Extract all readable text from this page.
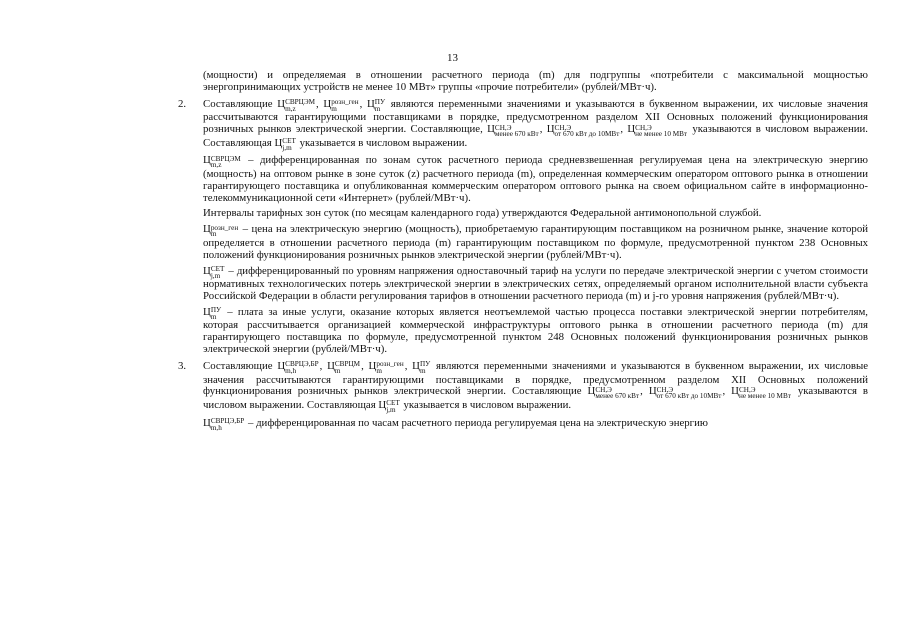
13

(мощности) и определяемая в отношении расчетного периода (m) для подгруппы «потребители с максимальной мощностью энергопринимающих устройств не менее 10 МВт» группы «прочие потребители» (рублей/МВт·ч).

2. Составляющие Ц СВРЦЭМ
m,z	, Ц розн_ген
m	, Ц ПУ
m являются переменными значениями и указываются в буквенном выражении, их числовые значения рассчитываются гарантирующими поставщиками в порядке, предусмотренном разделом XII Основных положений функционирования розничных рынков электрической энергии. Составляющие, Ц СН,Э
менее 670 кВт , Ц СН,Э
от 670 кВт до 10МВт , Ц СН,Э
не менее 10 МВт указываются в числовом выражении. Составляющая Ц СЕТ
j,m указывается в числовом выражении.

Ц СВРЦЭМ
m,z	– дифференцированная по зонам суток расчетного периода средневзвешенная регулируемая цена на электрическую энергию (мощность) на оптовом рынке в зоне суток (z) расчетного периода (m), определенная коммерческим оператором оптового рынка в отношении гарантирующего поставщика и опубликованная коммерческим оператором оптового рынка на своем официальном сайте в информационно-телекоммуникационной сети «Интернет» (рублей/МВт·ч).

Интервалы тарифных зон суток (по месяцам календарного года) утверждаются Федеральной антимонопольной службой.

Ц розн_ген
m	– цена на электрическую энергию (мощность), приобретаемую гарантирующим поставщиком на розничном рынке, значение которой определяется в отношении расчетного периода (m) гарантирующим поставщиком по формуле, предусмотренной пунктом 238 Основных положений функционирования розничных рынков электрической энергии (рублей/МВт·ч).

Ц СЕТ
j,m – дифференцированный по уровням напряжения одноставочный тариф на услуги по передаче электрической энергии с учетом стоимости нормативных технологических потерь электрической энергии в электрических сетях, определяемый органом исполнительной власти субъекта Российской Федерации в области регулирования тарифов в отношении расчетного периода (m) и j-го уровня напряжения (рублей/МВт·ч).

Ц ПУ
m	– плата за иные услуги, оказание которых является неотъемлемой частью процесса поставки электрической энергии потребителям, которая рассчитывается организацией коммерческой инфраструктуры оптового рынка в отношении расчетного периода (m) для гарантирующего поставщика по формуле, предусмотренной пунктом 248 Основных положений функционирования розничных рынков электрической энергии (рублей/МВт·ч).

3. Составляющие Ц СВРЦЭ,БР
m,h	, Ц СВРЦМ
m	, Ц розн_ген
m	, Ц ПУ
m являются переменными значениями и указываются в буквенном выражении, их числовые значения рассчитываются гарантирующими поставщиками в порядке, предусмотренном разделом XII Основных положений функционирования розничных рынков электрической энергии. Составляющие Ц СН,Э
менее 670 кВт , Ц СН,Э
от 670 кВт до 10МВт , Ц СН,Э
не менее 10 МВт указываются в числовом выражении. Составляющая Ц СЕТ
j,m указывается в числовом выражении.

Ц СВРЦЭ,БР
m,h	– дифференцированная по часам расчетного периода регулируемая цена на электрическую энергию
